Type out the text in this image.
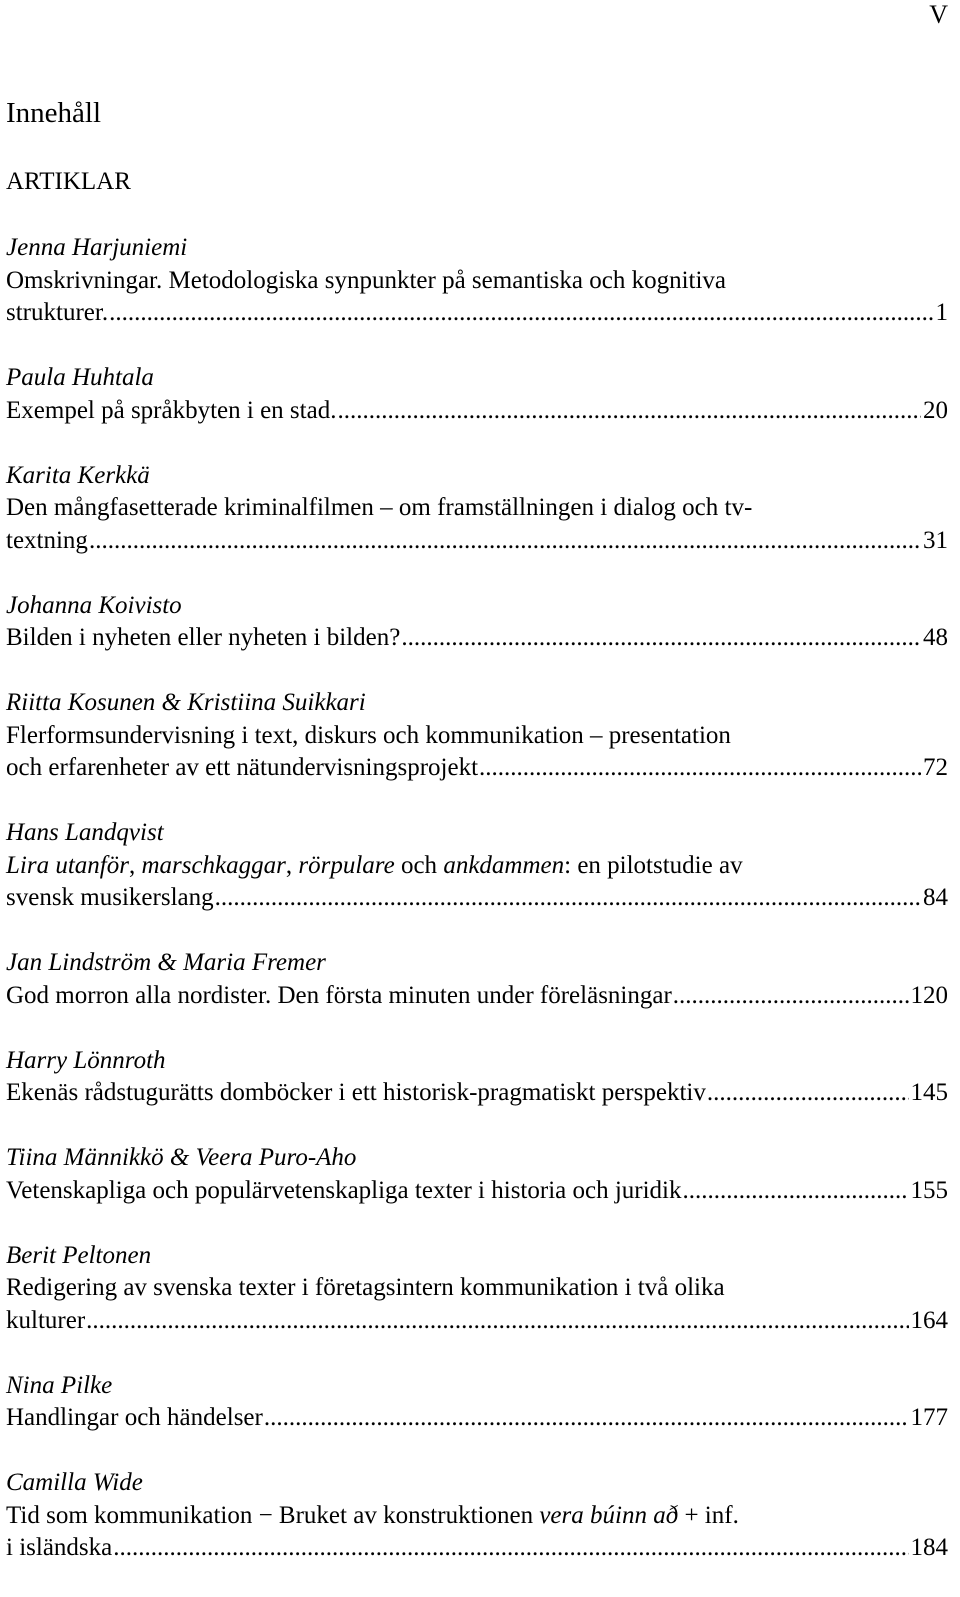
V
Innehåll
ARTIKLAR
Jenna Harjuniemi
Omskrivningar. Metodologiska synpunkter på semantiska och kognitiva
strukturer. .....	1
Paula Huhtala
Exempel på språkbyten i en stad. .....	20
Karita Kerkkä
Den mångfasetterade kriminalfilmen – om framställningen i dialog och tv-
textning .....	31
Johanna Koivisto
Bilden i nyheten eller nyheten i bilden? .....	48
Riitta Kosunen & Kristiina Suikkari
Flerformsundervisning i text, diskurs och kommunikation – presentation
och erfarenheter av ett nätundervisningsprojekt .....	72
Hans Landqvist
Lira utanför, marschkaggar, rörpulare och ankdammen: en pilotstudie av
svensk musikerslang .....	84
Jan Lindström & Maria Fremer
God morron alla nordister. Den första minuten under föreläsningar .....	120
Harry Lönnroth
Ekenäs rådstugurätts domböcker i ett historisk-pragmatiskt perspektiv .....	145
Tiina Männikkö & Veera Puro-Aho
Vetenskapliga och populärvetenskapliga texter i historia och juridik .....	155
Berit Peltonen
Redigering av svenska texter i företagsintern kommunikation i två olika
kulturer .....	164
Nina Pilke
Handlingar och händelser .....	177
Camilla Wide
Tid som kommunikation − Bruket av konstruktionen vera búinn að + inf.
i isländska .....	184
